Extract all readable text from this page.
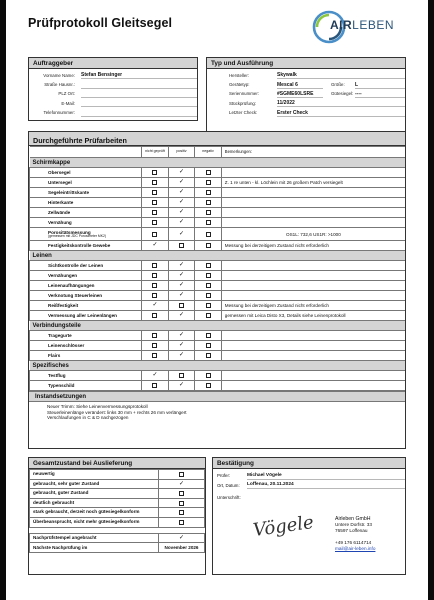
Prüfprotokoll Gleitsegel	AIRLEBEN
Auftraggeber
Vorname Name:	Stefan Bensinger
Straße Hausnr.:
PLZ Ort:
E-Mail:
Telefonnummer:
Typ und Ausführung
Hersteller:	Skywalk
Gerätetyp:	Mescal 6	Größe:	L
Seriennummer:	#SGME60LSRE	Gütesiegel: ----
Stückprüfung:	11/2022
Letzter Check:	Erster Check
Durchgeführte Prüfarbeiten
	nicht geprüft	positiv	negativ	Bemerkungen:
Schirmkappe				
Obersegel		✓		
Untersegel		✓		Z. 1 re unten - kl. Löchlein mit 26 großem Patch versiegelt
Segeleintrittskante		✓		
Hinterkante		✓		
Zellwände		✓		
Vernähung		✓		
Porositätsmessung
(gemessen mit JDC Porosimeter MK2)		✓		OS1L: 732,6 US1R: >1000
Festigkeitskontrolle Gewebe	✓			Messung bei derzeitigem Zustand nicht erforderlich
Leinen				
Sichtkontrolle der Leinen		✓		
Vernähungen		✓		
Leinenaufhängungen		✓		
Verknotung Steuerleinen		✓		
Reißfestigkeit	✓			Messung bei derzeitigem Zustand nicht erforderlich
Vermessung aller Leinenlängen		✓		gemessen mit Leica Disto X3, Details siehe Leinenprotokoll
Verbindungsteile				
Tragegurte		✓		
Leinenschlösser		✓		
Flairs		✓		
Spezifisches				
Testflug	✓			
Typenschild		✓		
Instandsetzungen
Neuer Trimm: Siehe Leinenvermessungsprotokoll
Steuerleinenlänge verändert: links 30 mm + rechts 26 mm verlängert
Verschlaufungen in C & D nachgezogen
Gesamtzustand bei Auslieferung
neuwertig	
gebraucht, sehr guter Zustand	✓
gebraucht, guter Zustand	
deutlich gebraucht	
stark gebraucht, derzeit noch gütesiegelkonform	
Überbeansprucht, nicht mehr gütesiegelkonform	
Nachprüfstempel angebracht	✓
Nächste Nachprüfung im	November 2026
Bestätigung
Prüfer:	Michael Vögele
Ort, Datum:	Loffenau, 20.11.2024
Unterschrift:
Vögele	Airleben GmbH
Untere Dorfstr. 33
76597 Loffenau
+49 176 6114714
mail@air-leben.info
